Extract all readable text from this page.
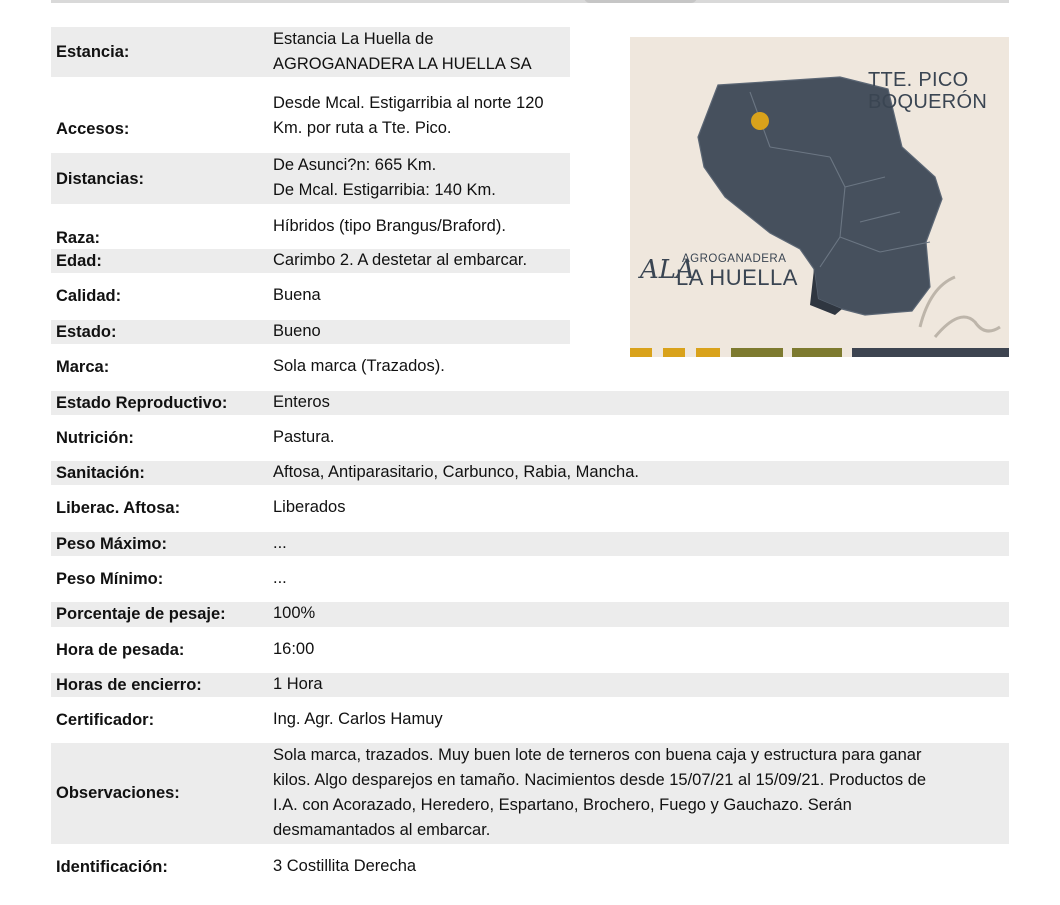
Estancia:
Estancia La Huella de
AGROGANADERA LA HUELLA SA
Accesos:
Desde Mcal. Estigarribia al norte 120
Km. por ruta a Tte. Pico.
Distancias:
De Asunci?n: 665 Km.
De Mcal. Estigarribia: 140 Km.
Raza:
Híbridos (tipo Brangus/Braford).
Edad:	Carimbo 2. A destetar al embarcar.
Calidad:	Buena
Estado:	Bueno
Marca:	Sola marca (Trazados).
Estado Reproductivo:	Enteros
Nutrición:	Pastura.
Sanitación:	Aftosa, Antiparasitario, Carbunco, Rabia, Mancha.
Liberac. Aftosa:	Liberados
Peso Máximo:	...
Peso Mínimo:	...
Porcentaje de pesaje:	100%
Hora de pesada:	16:00
Horas de encierro:	1 Hora
Certificador:	Ing. Agr. Carlos Hamuy
Observaciones:
Sola marca, trazados. Muy buen lote de terneros con buena caja y estructura para ganar
kilos. Algo desparejos en tamaño. Nacimientos desde 15/07/21 al 15/09/21. Productos de
I.A. con Acorazado, Heredero, Espartano, Brochero, Fuego y Gauchazo. Serán
desmamantados al embarcar.
Identificación:	3 Costillita Derecha
TTE. PICO
BOQUERÓN
ALA
AGROGANADERA
LA HUELLA
